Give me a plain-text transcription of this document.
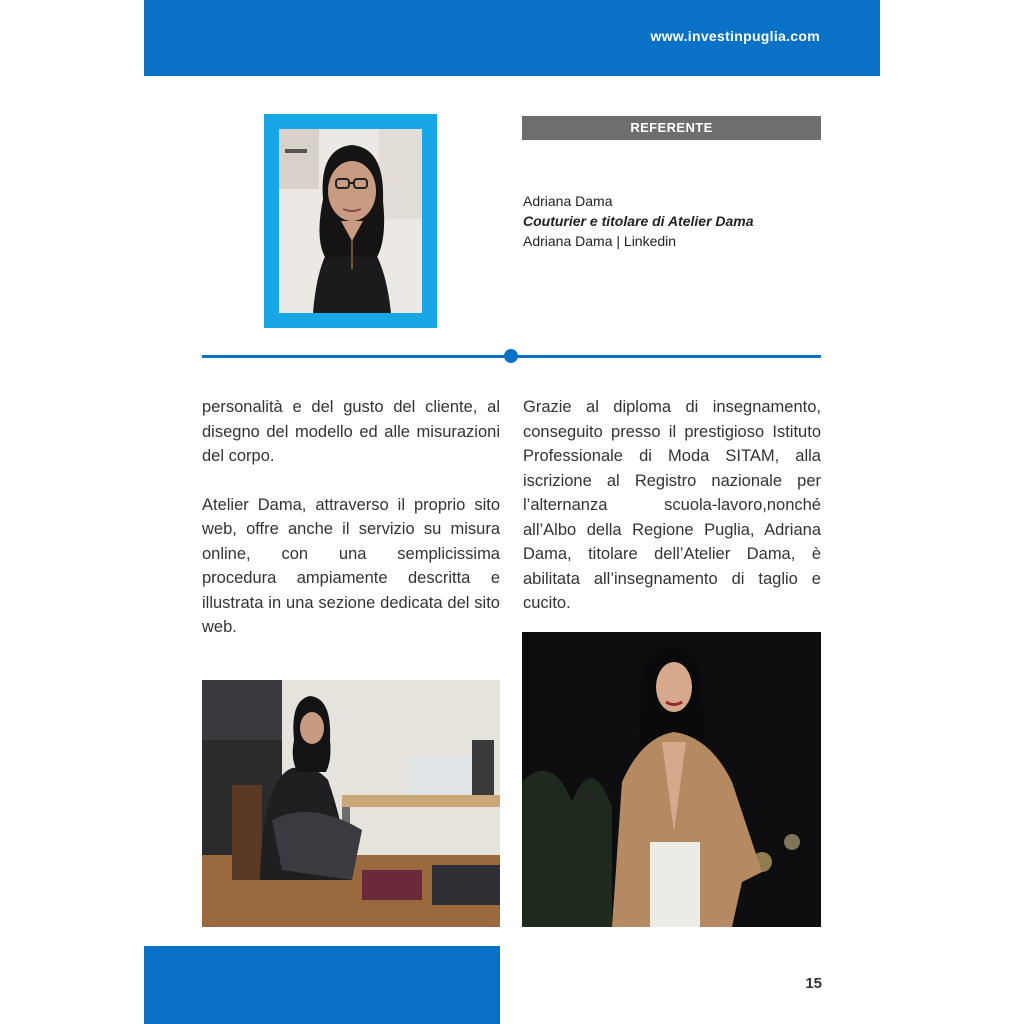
www.investinpuglia.com
REFERENTE
Adriana Dama
Couturier e titolare di Atelier Dama
Adriana Dama | Linkedin

personalità e del gusto del cliente, al disegno del modello ed alle misurazioni del corpo.

Atelier Dama, attraverso il proprio sito web, offre anche il servizio su misura online, con una semplicissima procedura ampiamente descritta e illustrata in una sezione dedicata del sito web.

Grazie al diploma di insegnamento, conseguito presso il prestigioso Istituto Professionale di Moda SITAM, alla iscrizione al Registro nazionale per l’alternanza scuola-lavoro,nonché all’Albo della Regione Puglia, Adriana Dama, titolare dell’Atelier Dama, è abilitata all’insegnamento di taglio e cucito.

15
